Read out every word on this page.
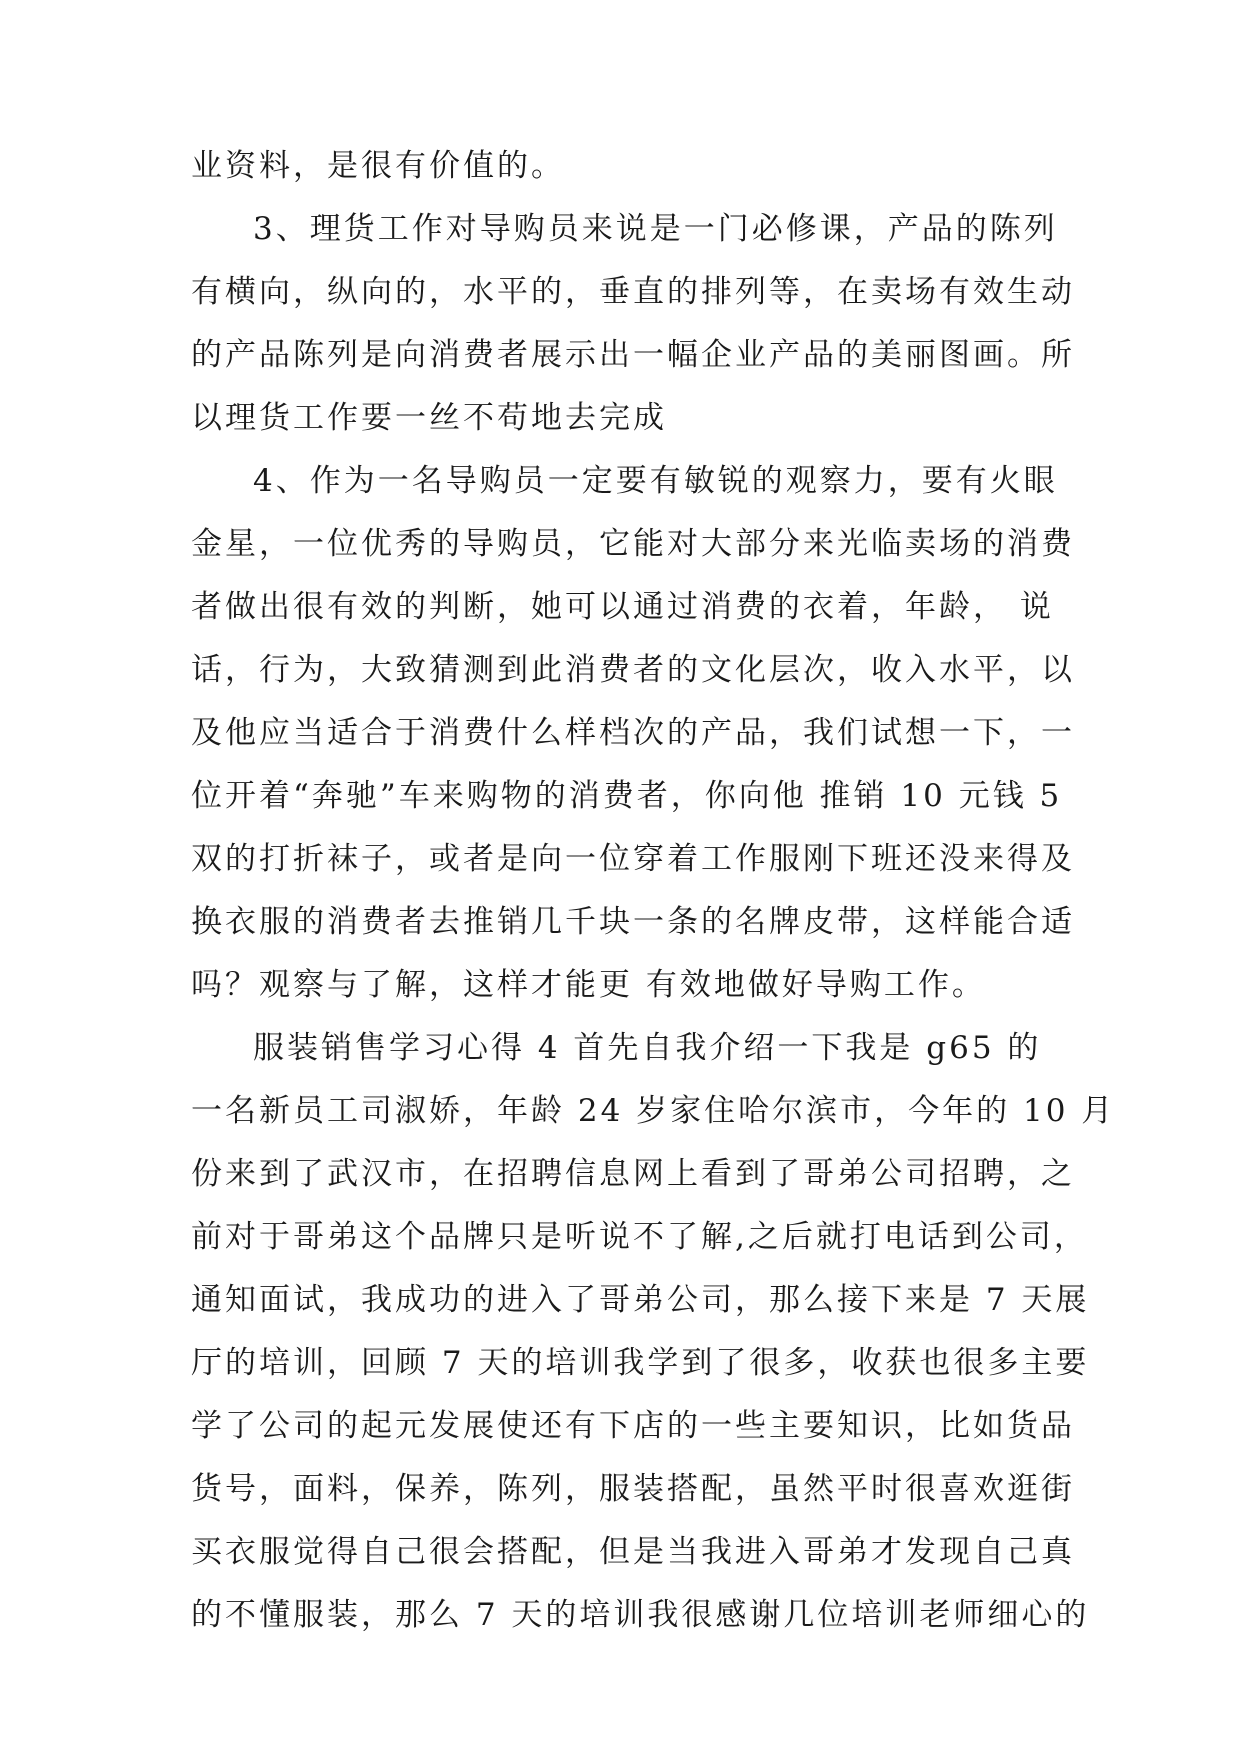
业资料，是很有价值的。
3、理货工作对导购员来说是一门必修课，产品的陈列
有横向，纵向的，水平的，垂直的排列等，在卖场有效生动
的产品陈列是向消费者展示出一幅企业产品的美丽图画。所
以理货工作要一丝不苟地去完成
4、作为一名导购员一定要有敏锐的观察力，要有火眼
金星，一位优秀的导购员，它能对大部分来光临卖场的消费
者做出很有效的判断，她可以通过消费的衣着，年龄， 说
话，行为，大致猜测到此消费者的文化层次，收入水平，以
及他应当适合于消费什么样档次的产品，我们试想一下，一
位开着“奔驰”车来购物的消费者，你向他 推销 10 元钱 5
双的打折袜子，或者是向一位穿着工作服刚下班还没来得及
换衣服的消费者去推销几千块一条的名牌皮带，这样能合适
吗？观察与了解，这样才能更 有效地做好导购工作。
服装销售学习心得 4 首先自我介绍一下我是 g65 的
一名新员工司淑娇，年龄 24 岁家住哈尔滨市，今年的 10 月
份来到了武汉市，在招聘信息网上看到了哥弟公司招聘，之
前对于哥弟这个品牌只是听说不了解,之后就打电话到公司，
通知面试，我成功的进入了哥弟公司，那么接下来是 7 天展
厅的培训，回顾 7 天的培训我学到了很多，收获也很多主要
学了公司的起元发展使还有下店的一些主要知识，比如货品
货号，面料，保养，陈列，服装搭配，虽然平时很喜欢逛街
买衣服觉得自己很会搭配，但是当我进入哥弟才发现自己真
的不懂服装，那么 7 天的培训我很感谢几位培训老师细心的
